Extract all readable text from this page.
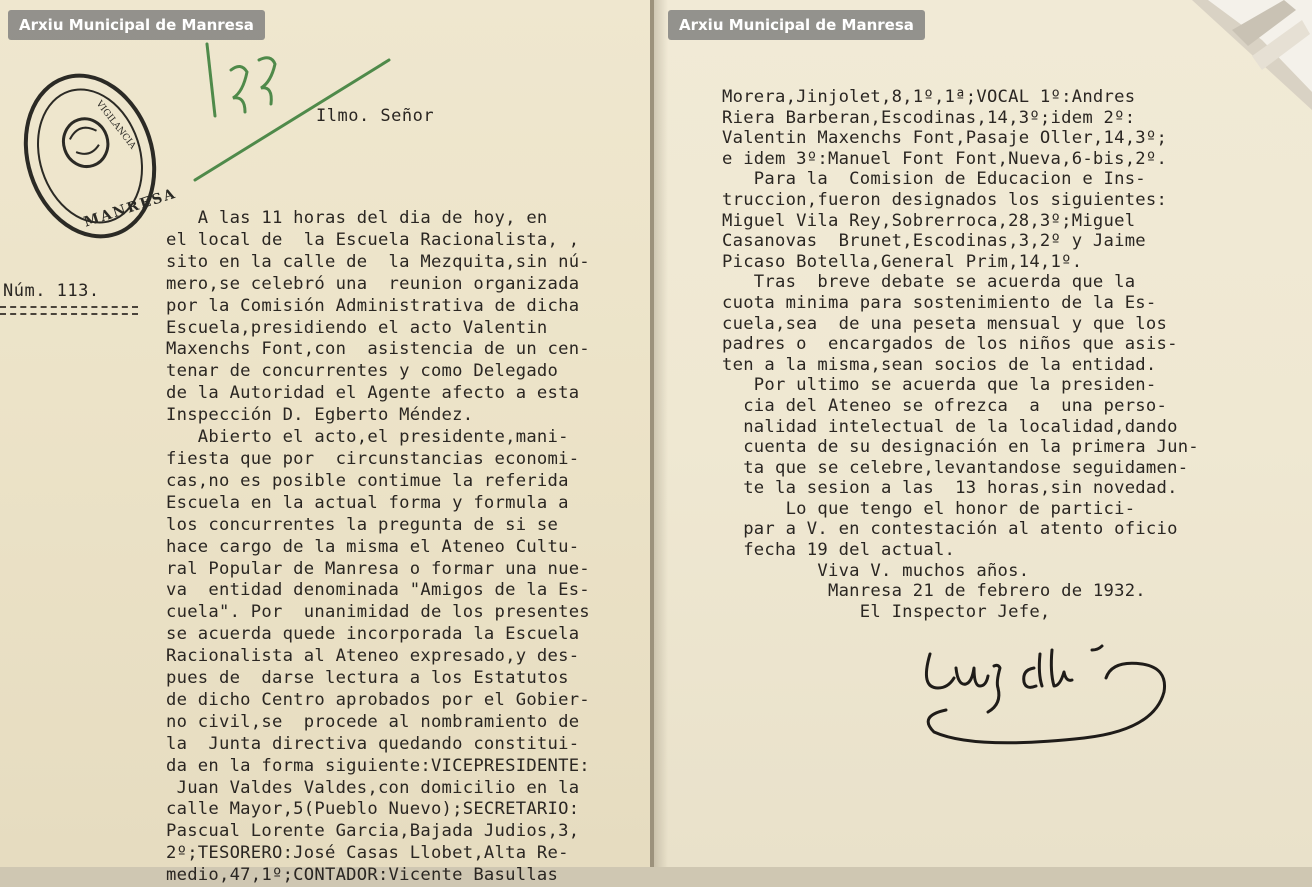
Arxiu Municipal de Manresa
MANRESA
VIGILANCIA
155
Ilmo. Señor
Núm. 113.
A las 11 horas del dia de hoy, en
el local de  la Escuela Racionalista, ,
sito en la calle de  la Mezquita,sin nú-
mero,se celebró una  reunion organizada
por la Comisión Administrativa de dicha
Escuela,presidiendo el acto Valentin
Maxenchs Font,con  asistencia de un cen-
tenar de concurrentes y como Delegado
de la Autoridad el Agente afecto a esta
Inspección D. Egberto Méndez.
Abierto el acto,el presidente,mani-
fiesta que por  circunstancias economi-
cas,no es posible contimue la referida
Escuela en la actual forma y formula a
los concurrentes la pregunta de si se
hace cargo de la misma el Ateneo Cultu-
ral Popular de Manresa o formar una nue-
va  entidad denominada "Amigos de la Es-
cuela". Por  unanimidad de los presentes
se acuerda quede incorporada la Escuela
Racionalista al Ateneo expresado,y des-
pues de  darse lectura a los Estatutos
de dicho Centro aprobados por el Gobier-
no civil,se  procede al nombramiento de
la  Junta directiva quedando constitui-
da en la forma siguiente:VICEPRESIDENTE:
Juan Valdes Valdes,con domicilio en la
calle Mayor,5(Pueblo Nuevo);SECRETARIO:
Pascual Lorente Garcia,Bajada Judios,3,
2º;TESORERO:José Casas Llobet,Alta Re-
medio,47,1º;CONTADOR:Vicente Basullas
Arxiu Municipal de Manresa
Morera,Jinjolet,8,1º,1ª;VOCAL 1º:Andres
Riera Barberan,Escodinas,14,3º;idem 2º:
Valentin Maxenchs Font,Pasaje Oller,14,3º;
e idem 3º:Manuel Font Font,Nueva,6-bis,2º.
Para la  Comision de Educacion e Ins-
truccion,fueron designados los siguientes:
Miguel Vila Rey,Sobrerroca,28,3º;Miguel
Casanovas  Brunet,Escodinas,3,2º y Jaime
Picaso Botella,General Prim,14,1º.
Tras  breve debate se acuerda que la
cuota minima para sostenimiento de la Es-
cuela,sea  de una peseta mensual y que los
padres o  encargados de los niños que asis-
ten a la misma,sean socios de la entidad.
Por ultimo se acuerda que la presiden-
cia del Ateneo se ofrezca  a  una perso-
nalidad intelectual de la localidad,dando
cuenta de su designación en la primera Jun-
ta que se celebre,levantandose seguidamen-
te la sesion a las  13 horas,sin novedad.
Lo que tengo el honor de partici-
par a V. en contestación al atento oficio
fecha 19 del actual.
Viva V. muchos años.
Manresa 21 de febrero de 1932.
El Inspector Jefe,
Luis Cuñat
